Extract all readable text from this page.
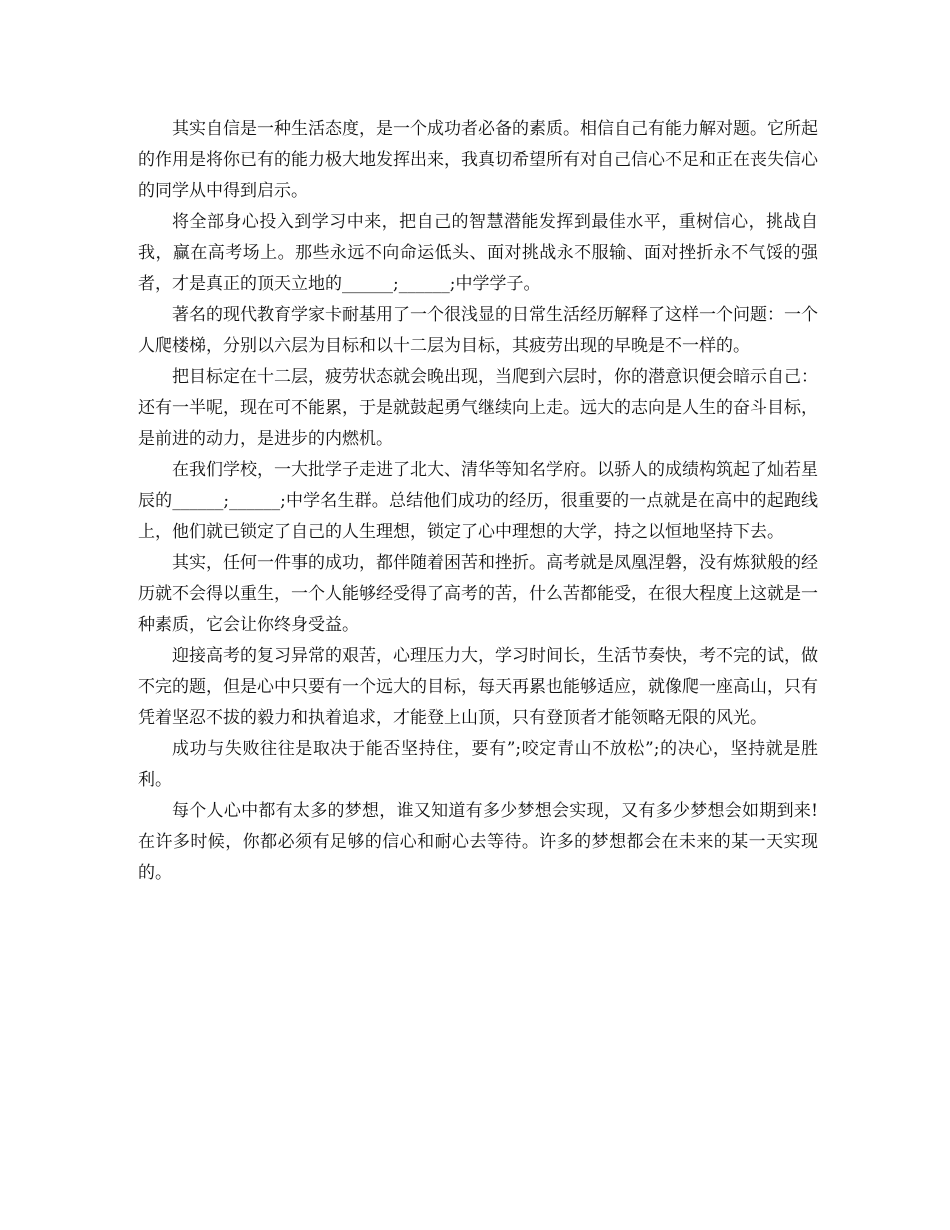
其实自信是一种生活态度，是一个成功者必备的素质。相信自己有能力解对题。它所起的作用是将你已有的能力极大地发挥出来，我真切希望所有对自己信心不足和正在丧失信心的同学从中得到启示。

将全部身心投入到学习中来，把自己的智慧潜能发挥到最佳水平，重树信心，挑战自我，赢在高考场上。那些永远不向命运低头、面对挑战永不服输、面对挫折永不气馁的强者，才是真正的顶天立地的______;______;中学学子。

著名的现代教育学家卡耐基用了一个很浅显的日常生活经历解释了这样一个问题：一个人爬楼梯，分别以六层为目标和以十二层为目标，其疲劳出现的早晚是不一样的。

把目标定在十二层，疲劳状态就会晚出现，当爬到六层时，你的潜意识便会暗示自己：还有一半呢，现在可不能累，于是就鼓起勇气继续向上走。远大的志向是人生的奋斗目标，是前进的动力，是进步的内燃机。

在我们学校，一大批学子走进了北大、清华等知名学府。以骄人的成绩构筑起了灿若星辰的______;______;中学名生群。总结他们成功的经历，很重要的一点就是在高中的起跑线上，他们就已锁定了自己的人生理想，锁定了心中理想的大学，持之以恒地坚持下去。

其实，任何一件事的成功，都伴随着困苦和挫折。高考就是凤凰涅磐，没有炼狱般的经历就不会得以重生，一个人能够经受得了高考的苦，什么苦都能受，在很大程度上这就是一种素质，它会让你终身受益。

迎接高考的复习异常的艰苦，心理压力大，学习时间长，生活节奏快，考不完的试，做不完的题，但是心中只要有一个远大的目标，每天再累也能够适应，就像爬一座高山，只有凭着坚忍不拔的毅力和执着追求，才能登上山顶，只有登顶者才能领略无限的风光。

成功与失败往往是取决于能否坚持住，要有”;咬定青山不放松”;的决心，坚持就是胜利。

每个人心中都有太多的梦想，谁又知道有多少梦想会实现，又有多少梦想会如期到来!在许多时候，你都必须有足够的信心和耐心去等待。许多的梦想都会在未来的某一天实现的。
